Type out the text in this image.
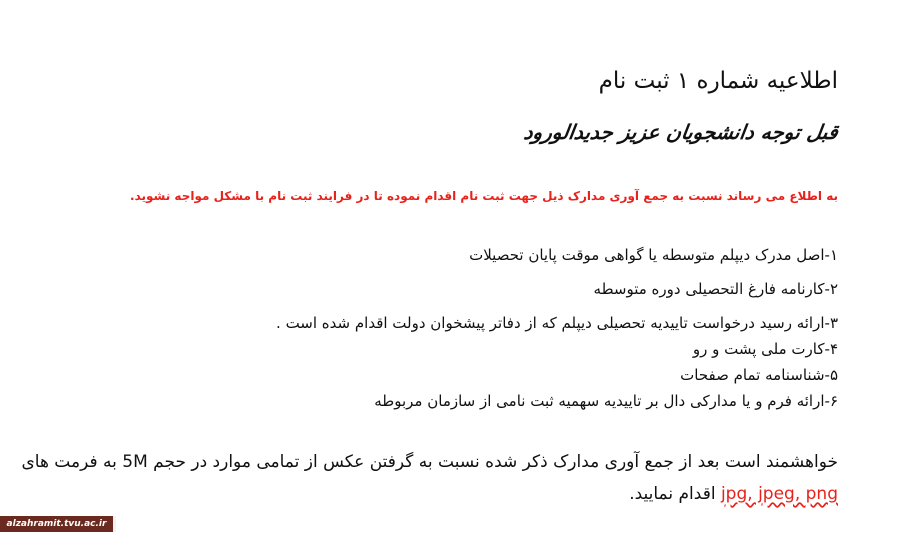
اطلاعیه شماره ۱ ثبت نام
قبل توجه دانشجویان عزیز جدیدالورود
به اطلاع می رساند نسبت به جمع آوری مدارک ذیل جهت ثبت نام اقدام نموده تا در فرایند ثبت نام با مشکل مواجه نشوید.
۱-اصل مدرک دیپلم متوسطه یا گواهی موقت پایان تحصیلات
۲-کارنامه فارغ التحصیلی دوره متوسطه
۳-ارائه رسید درخواست تاییدیه تحصیلی دیپلم که از دفاتر پیشخوان دولت اقدام شده است .
۴-کارت ملی پشت و رو
۵-شناسنامه تمام صفحات
۶-ارائه فرم و یا مدارکی دال بر تاییدیه سهمیه ثبت نامی از سازمان مربوطه

خواهشمند است بعد از جمع آوری مدارک ذکر شده نسبت به گرفتن عکس از تمامی موارد در حجم 5M به فرمت های jpg, jpeg, png اقدام نمایید.

alzahramit.tvu.ac.ir
